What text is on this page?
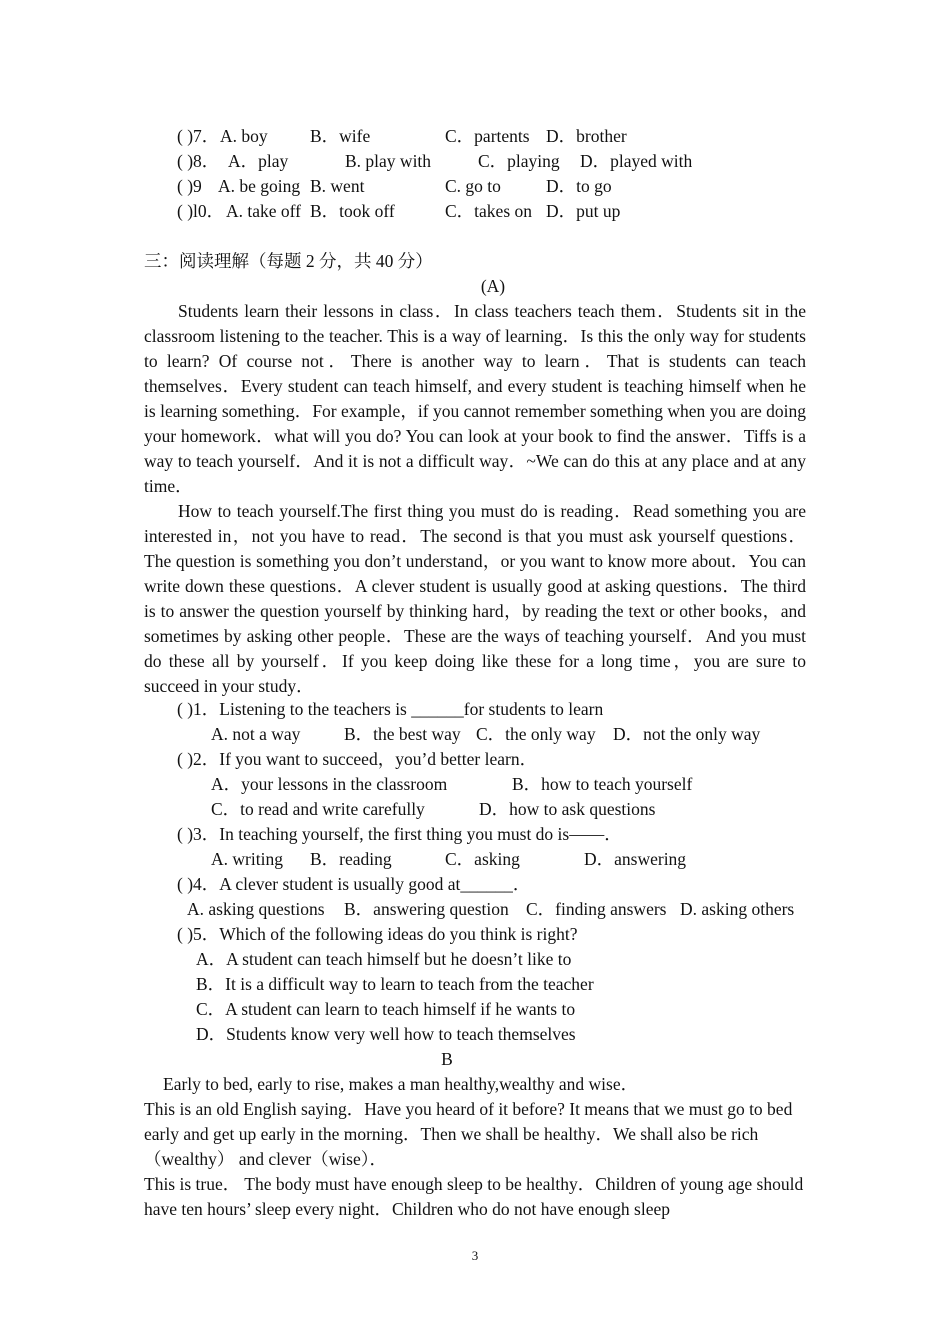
( )7． A. boy B．wife	C．partents D．brother
( )8． A．play	B. play with	C．playing D．played with
( )9 A. be going B. went	C. go to	D．to go
( )l0． A. take off B．took off	C．takes on D．put up
三：阅读理解（每题 2 分，共 40 分）
(A)

Students learn their lessons in class．In class teachers teach them．Students sit in the classroom listening to the teacher. This is a way of learning．Is this the only way for students to learn? Of course not．There is another way to learn．That is students can teach themselves．Every student can teach himself, and every student is teaching himself when he is learning something．For example，if you cannot remember something when you are doing your homework．what will you do? You can look at your book to find the answer．Tiffs is a way to teach yourself．And it is not a difficult way．~We can do this at any place and at any time．

How to teach yourself.The first thing you must do is reading．Read something you are interested in，not you have to read．The second is that you must ask yourself questions．The question is something you don’t understand，or you want to know more about．You can write down these questions．A clever student is usually good at asking questions．The third is to answer the question yourself by thinking hard，by reading the text or other books，and sometimes by asking other people．These are the ways of teaching yourself．And you must do these all by yourself．If you keep doing like these for a long time，you are sure to succeed in your study．

( )1．Listening to the teachers is ______for students to learn
A. not a way B．the best way C．the only way D．not the only way
( )2．If you want to succeed，you’d better learn．
A．your lessons in the classroom	B．how to teach yourself
C．to read and write carefully	D．how to ask questions
( )3．In teaching yourself, the first thing you must do is——．
A. writing B．reading	C．asking	D．answering
( )4．A clever student is usually good at______．
A. asking questions B．answering question C．finding answers D. asking others
( )5．Which of the following ideas do you think is right?
A．A student can teach himself but he doesn’t like to
B．It is a difficult way to learn to teach from the teacher
C．A student can learn to teach himself if he wants to
D．Students know very well how to teach themselves
B
Early to bed, early to rise, makes a man healthy,wealthy and wise．

This is an old English saying．Have you heard of it before? It means that we must go to bed early and get up early in the morning．Then we shall be healthy．We shall also be rich （wealthy） and clever（wise）．

This is true． The body must have enough sleep to be healthy．Children of young age should have ten hours’ sleep every night．Children who do not have enough sleep

3
